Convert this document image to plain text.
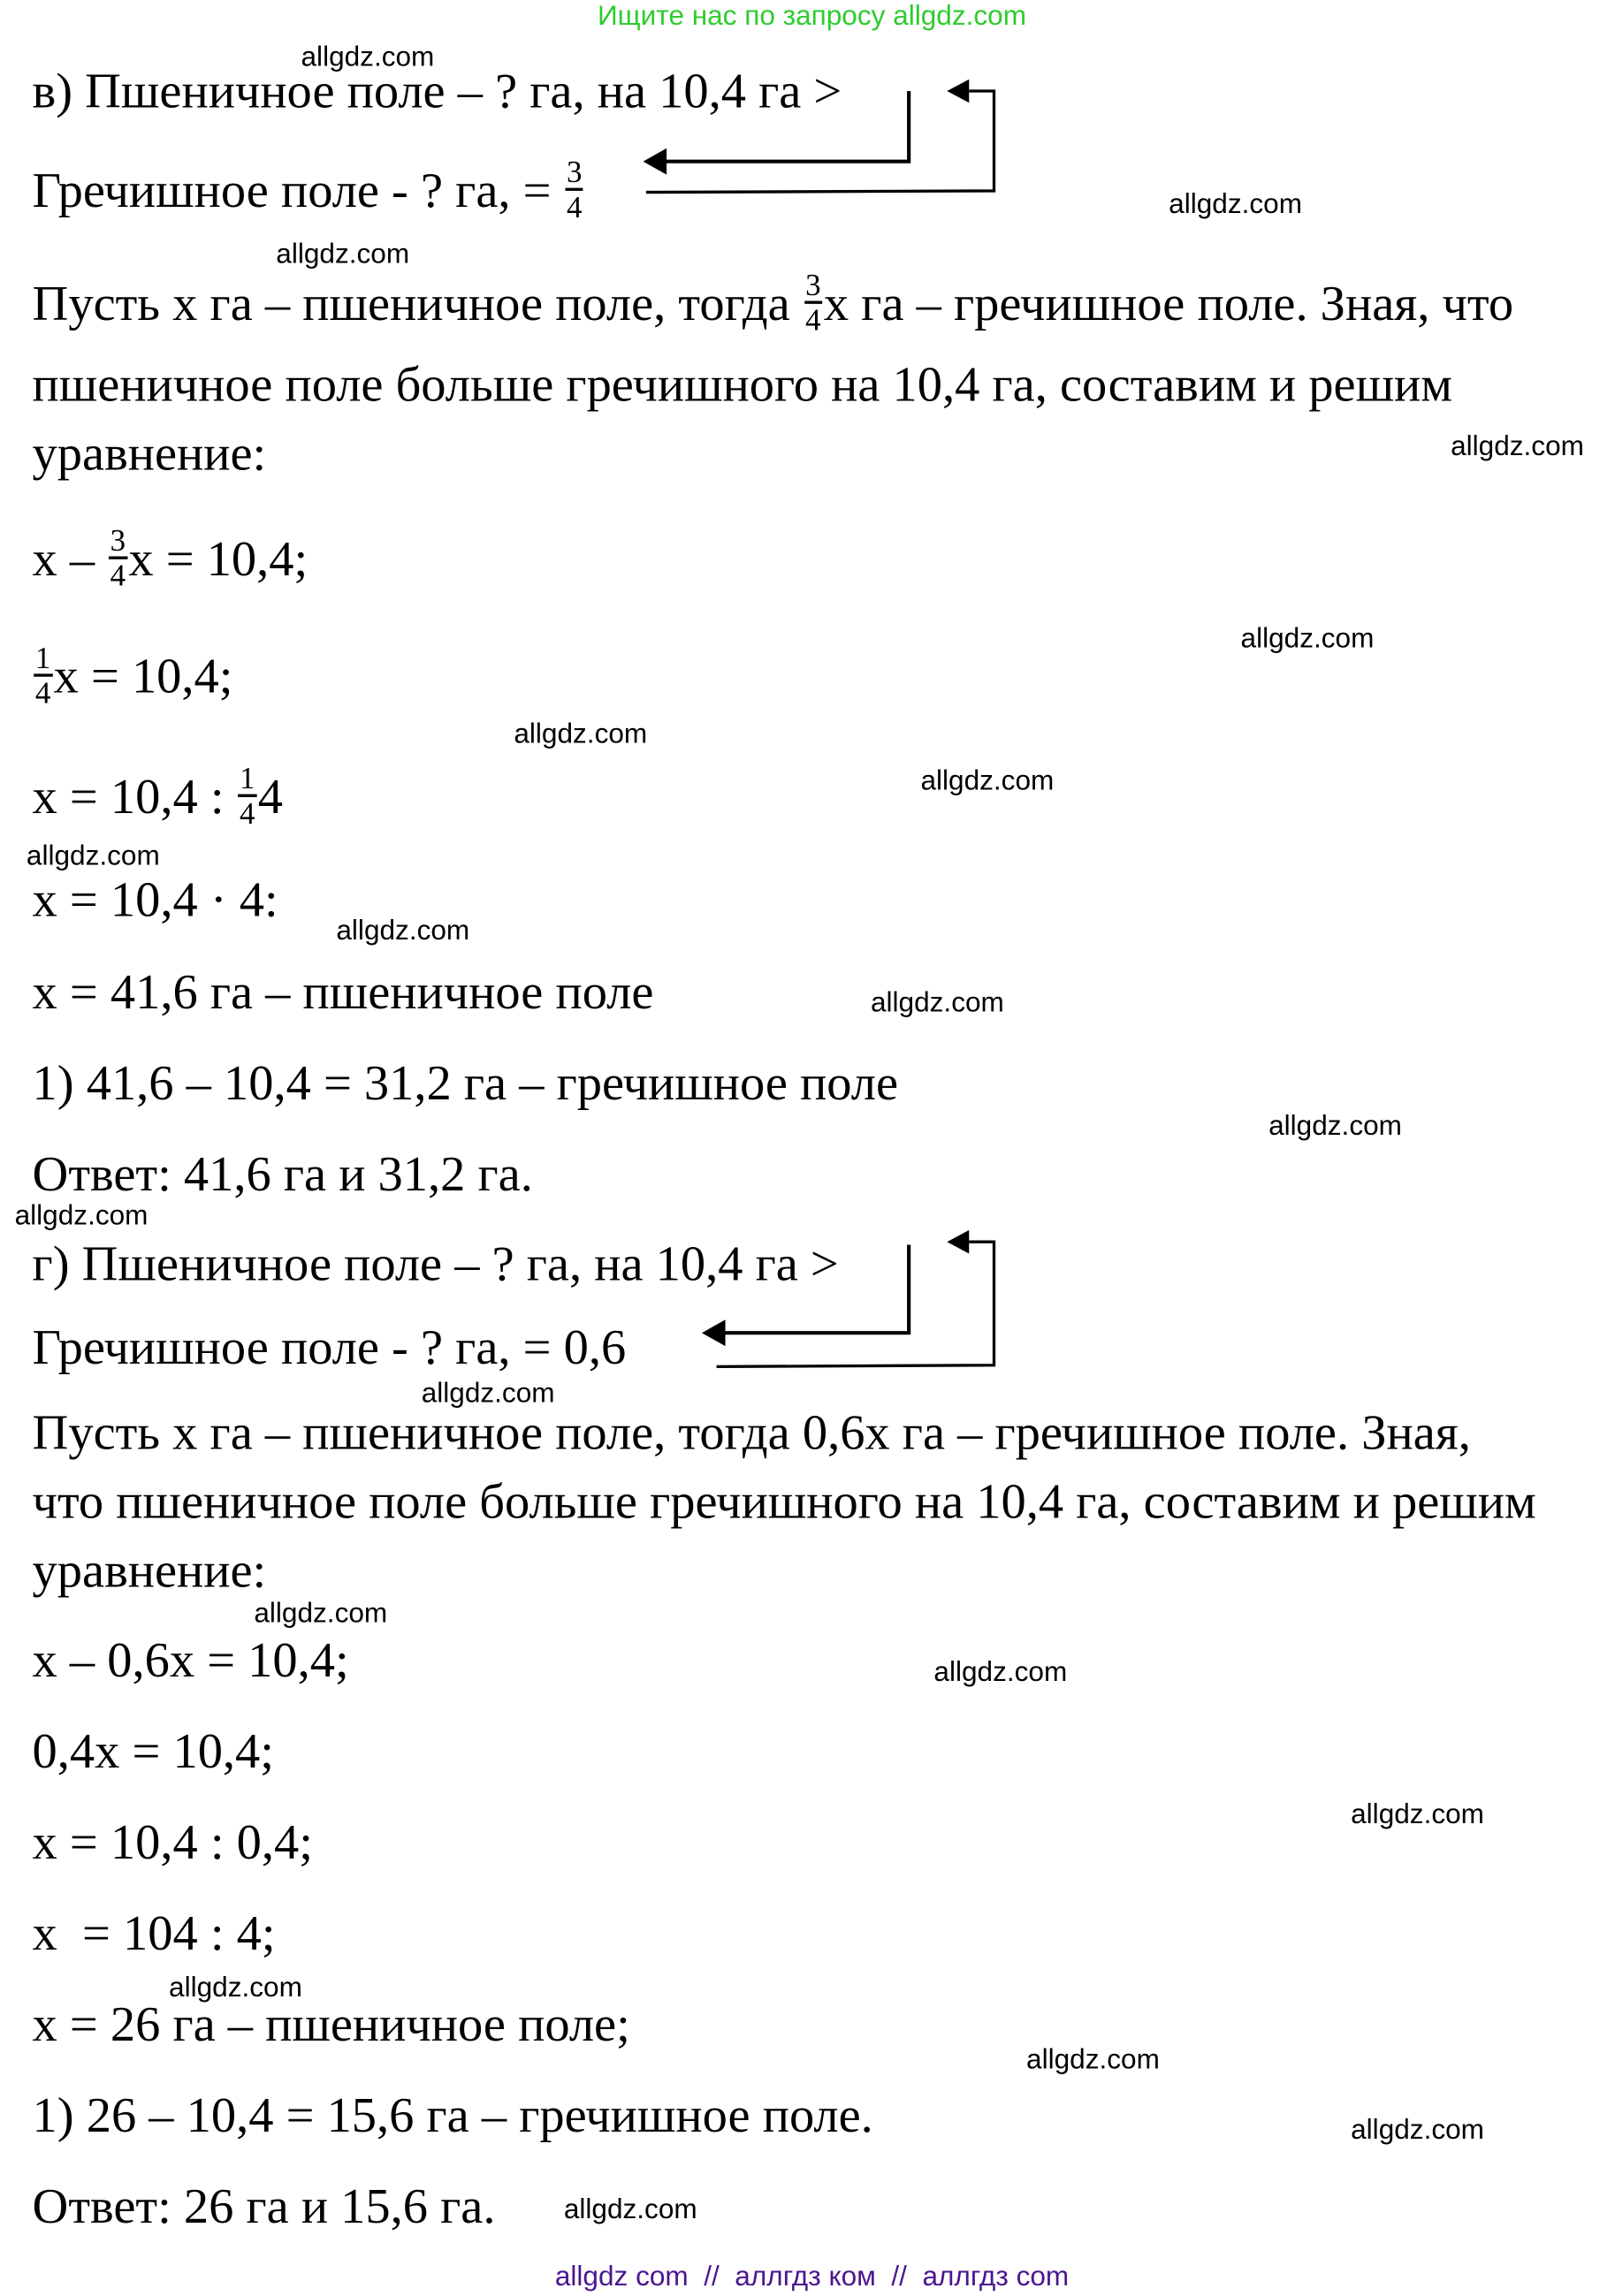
Ищите нас по запросу allgdz.com
allgdz.com
в) Пшеничное поле – ? га, на 10,4 га >
Гречишное поле - ? га, = $\frac{3}{4}$	allgdz.com
allgdz.com
Пусть х га – пшеничное поле, тогда $\frac{3}{4}$ х га – гречишное поле. Зная, что
пшеничное поле больше гречишного на 10,4 га, составим и решим
уравнение:	allgdz.com
х – $\frac{3}{4}$ х = 10,4;
allgdz.com
$\frac{1}{4}$ х = 10,4;
allgdz.com
х = 10,4 : $\frac{1}{4} 4$	allgdz.com
allgdz.com
х = 10,4 · 4:
allgdz.com
х = 41,6 га – пшеничное поле	allgdz.com
1) 41,6 – 10,4 = 31,2 га – гречишное поле
allgdz.com
Ответ: 41,6 га и 31,2 га.
allgdz.com
г) Пшеничное поле – ? га, на 10,4 га >
Гречишное поле - ? га, = 0,6
allgdz.com
Пусть х га – пшеничное поле, тогда 0,6х га – гречишное поле. Зная,
что пшеничное поле больше гречишного на 10,4 га, составим и решим
уравнение:
allgdz.com
х – 0,6х = 10,4;	allgdz.com
0,4х = 10,4;
allgdz.com
х = 10,4 : 0,4;
х  = 104 : 4;
allgdz.com
х = 26 га – пшеничное поле;
allgdz.com
1) 26 – 10,4 = 15,6 га – гречишное поле.	allgdz.com
Ответ: 26 га и 15,6 га.	allgdz.com
allgdz com  //  аллгдз ком  //  аллгдз com
